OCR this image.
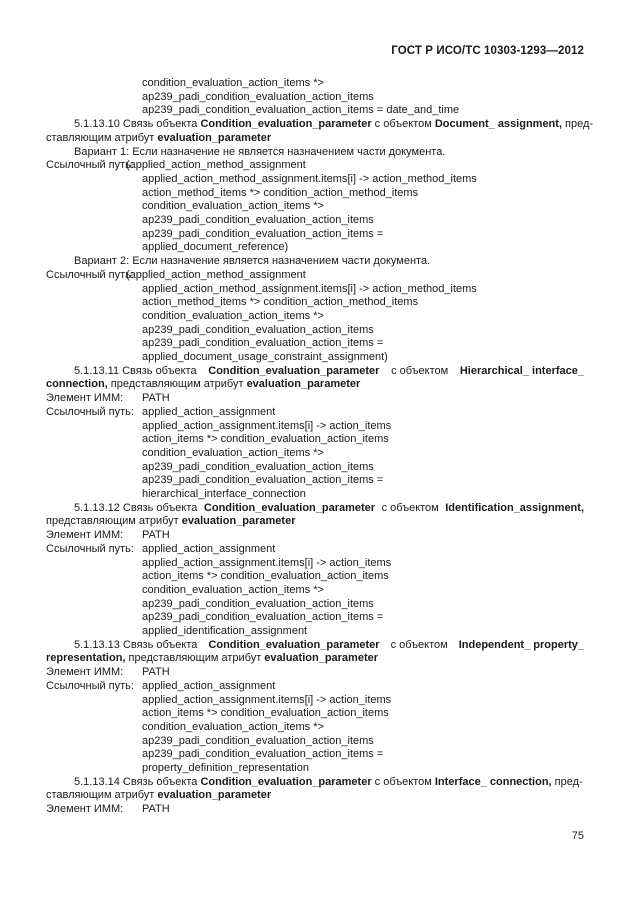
ГОСТ Р ИСО/ТС 10303-1293—2012
condition_evaluation_action_items *>
ap239_padi_condition_evaluation_action_items
ap239_padi_condition_evaluation_action_items = date_and_time
5.1.13.10 Связь объекта Condition_evaluation_parameter с объектом Document_ assignment, пред-
ставляющим атрибут evaluation_parameter
Вариант 1: Если назначение не является назначением части документа.
Ссылочный путь:
(applied_action_method_assignment
applied_action_method_assignment.items[i] -> action_method_items
action_method_items *> condition_action_method_items
condition_evaluation_action_items *>
ap239_padi_condition_evaluation_action_items
ap239_padi_condition_evaluation_action_items =
applied_document_reference)
Вариант 2: Если назначение является назначением части документа.
Ссылочный путь:
(applied_action_method_assignment
applied_action_method_assignment.items[i] -> action_method_items
action_method_items *> condition_action_method_items
condition_evaluation_action_items *>
ap239_padi_condition_evaluation_action_items
ap239_padi_condition_evaluation_action_items =
applied_document_usage_constraint_assignment)
5.1.13.11 Связь объекта Condition_evaluation_parameter с объектом Hierarchical_ interface_
connection, представляющим атрибут evaluation_parameter
Элемент ИММ: PATH
Ссылочный путь: applied_action_assignment
applied_action_assignment.items[i] -> action_items
action_items *> condition_evaluation_action_items
condition_evaluation_action_items *>
ap239_padi_condition_evaluation_action_items
ap239_padi_condition_evaluation_action_items =
hierarchical_interface_connection
5.1.13.12 Связь объекта Condition_evaluation_parameter с объектом Identification_assignment,
представляющим атрибут evaluation_parameter
Элемент ИММ: PATH
Ссылочный путь: applied_action_assignment
applied_action_assignment.items[i] -> action_items
action_items *> condition_evaluation_action_items
condition_evaluation_action_items *>
ap239_padi_condition_evaluation_action_items
ap239_padi_condition_evaluation_action_items =
applied_identification_assignment
5.1.13.13 Связь объекта Condition_evaluation_parameter с объектом Independent_ property_
representation, представляющим атрибут evaluation_parameter
Элемент ИММ: PATH
Ссылочный путь: applied_action_assignment
applied_action_assignment.items[i] -> action_items
action_items *> condition_evaluation_action_items
condition_evaluation_action_items *>
ap239_padi_condition_evaluation_action_items
ap239_padi_condition_evaluation_action_items =
property_definition_representation
5.1.13.14 Связь объекта Condition_evaluation_parameter с объектом Interface_ connection, пред-
ставляющим атрибут evaluation_parameter
Элемент ИММ: PATH
75
